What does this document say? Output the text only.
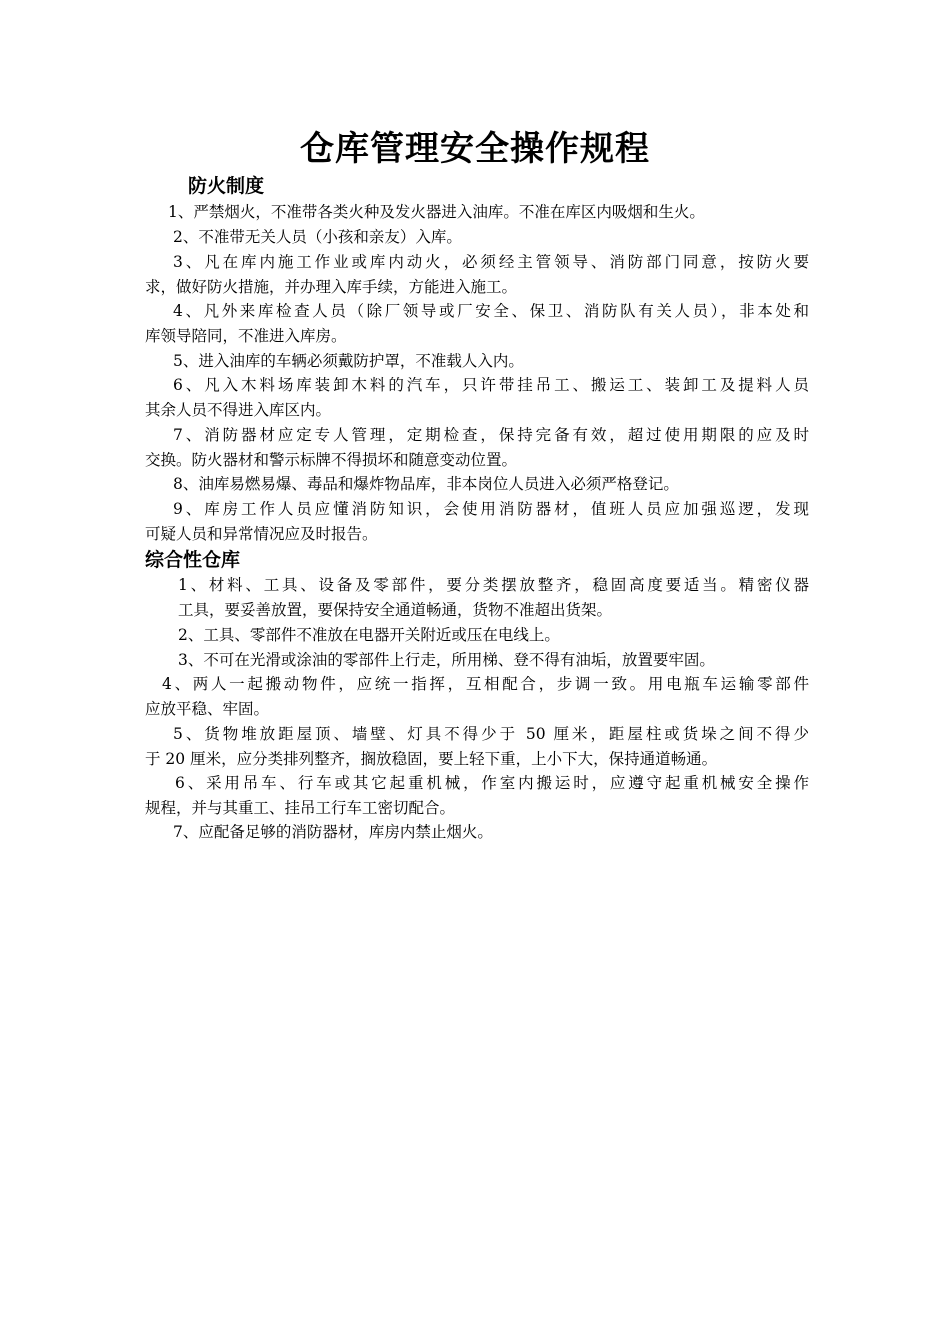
仓库管理安全操作规程
防火制度

1、严禁烟火，不准带各类火种及发火器进入油库。不准在库区内吸烟和生火。

2、不准带无关人员（小孩和亲友）入库。

3、凡在库内施工作业或库内动火，必须经主管领导、消防部门同意，按防火要
求，做好防火措施，并办理入库手续，方能进入施工。

4、凡外来库检查人员（除厂领导或厂安全、保卫、消防队有关人员），非本处和
库领导陪同，不准进入库房。

5、进入油库的车辆必须戴防护罩，不准载人入内。

6、凡入木料场库装卸木料的汽车，只许带挂吊工、搬运工、装卸工及提料人员
其余人员不得进入库区内。

7、消防器材应定专人管理，定期检查，保持完备有效，超过使用期限的应及时
交换。防火器材和警示标牌不得损坏和随意变动位置。

8、油库易燃易爆、毒品和爆炸物品库，非本岗位人员进入必须严格登记。

9、库房工作人员应懂消防知识，会使用消防器材，值班人员应加强巡逻，发现
可疑人员和异常情况应及时报告。

综合性仓库

1、材料、工具、设备及零部件，要分类摆放整齐，稳固高度要适当。精密仪器
工具，要妥善放置，要保持安全通道畅通，货物不准超出货架。

2、工具、零部件不准放在电器开关附近或压在电线上。

3、不可在光滑或涂油的零部件上行走，所用梯、登不得有油垢，放置要牢固。

4、两人一起搬动物件，应统一指挥，互相配合，步调一致。用电瓶车运输零部件
应放平稳、牢固。

5、货物堆放距屋顶、墙壁、灯具不得少于 50 厘米，距屋柱或货垛之间不得少
于 20 厘米，应分类排列整齐，搁放稳固，要上轻下重，上小下大，保持通道畅通。

6、采用吊车、行车或其它起重机械，作室内搬运时，应遵守起重机械安全操作
规程，并与其重工、挂吊工行车工密切配合。

7、应配备足够的消防器材，库房内禁止烟火。
